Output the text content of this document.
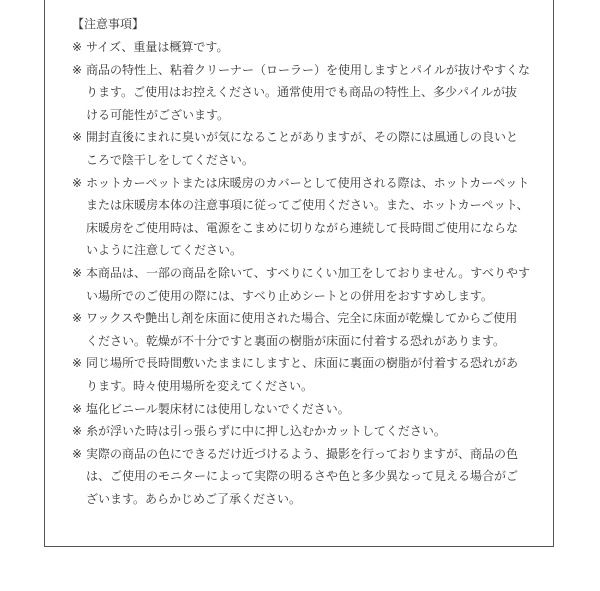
【注意事項】
※ サイズ、重量は概算です。
※ 商品の特性上、粘着クリーナー（ローラー）を使用しますとパイルが抜けやすくな
ります。ご使用はお控えください。通常使用でも商品の特性上、多少パイルが抜
ける可能性がございます。
※ 開封直後にまれに臭いが気になることがありますが、その際には風通しの良いと
ころで陰干しをしてください。
※ ホットカーペットまたは床暖房のカバーとして使用される際は、ホットカーペット
または床暖房本体の注意事項に従ってご使用ください。また、ホットカーペット、
床暖房をご使用時は、電源をこまめに切りながら連続して長時間ご使用にならな
いように注意してください。
※ 本商品は、一部の商品を除いて、すべりにくい加工をしておりません。すべりやす
い場所でのご使用の際には、すべり止めシートとの併用をおすすめします。
※ ワックスや艶出し剤を床面に使用された場合、完全に床面が乾燥してからご使用
ください。乾燥が不十分ですと裏面の樹脂が床面に付着する恐れがあります。
※ 同じ場所で長時間敷いたままにしますと、床面に裏面の樹脂が付着する恐れがあ
ります。時々使用場所を変えてください。
※ 塩化ビニール製床材には使用しないでください。
※ 糸が浮いた時は引っ張らずに中に押し込むかカットしてください。
※ 実際の商品の色にできるだけ近づけるよう、撮影を行っておりますが、商品の色
は、ご使用のモニターによって実際の明るさや色と多少異なって見える場合がご
ざいます。あらかじめご了承ください。
